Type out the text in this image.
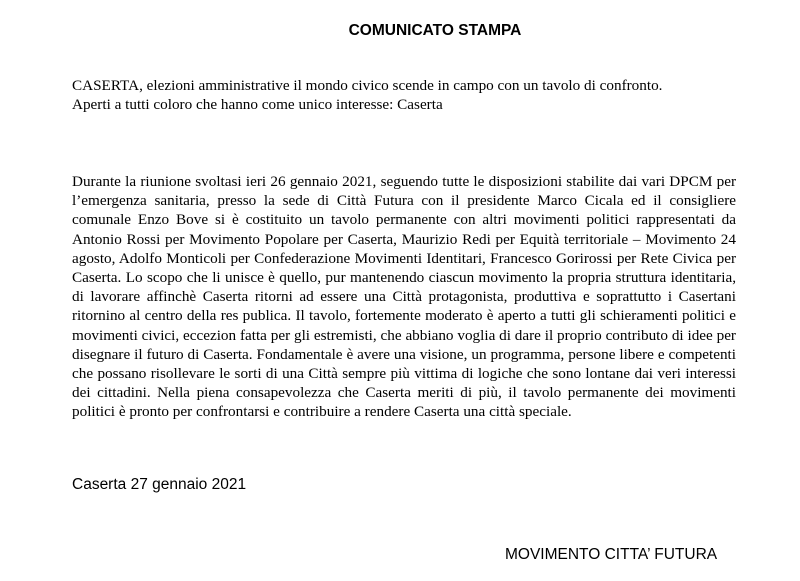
COMUNICATO STAMPA

CASERTA, elezioni amministrative il mondo civico scende in campo con un tavolo di confronto.

Aperti a tutti coloro che hanno come unico interesse: Caserta

Durante la riunione svoltasi ieri 26 gennaio 2021, seguendo tutte le disposizioni stabilite dai vari DPCM per l’emergenza sanitaria, presso la sede di Città Futura con il presidente Marco Cicala ed il consigliere comunale Enzo Bove si è costituito un tavolo permanente con altri movimenti politici rappresentati da Antonio Rossi per Movimento Popolare per Caserta, Maurizio Redi per Equità territoriale – Movimento 24 agosto, Adolfo Monticoli per Confederazione Movimenti Identitari, Francesco Gorirossi per Rete Civica per Caserta. Lo scopo che li unisce è quello, pur mantenendo ciascun movimento la propria struttura identitaria, di lavorare affinchè Caserta ritorni ad essere una Città protagonista, produttiva e soprattutto i Casertani ritornino al centro della res publica. Il tavolo, fortemente moderato è aperto a tutti gli schieramenti politici e movimenti civici, eccezion fatta per gli estremisti, che abbiano voglia di dare il proprio contributo di idee per disegnare il futuro di Caserta. Fondamentale è avere una visione, un programma, persone libere e competenti che possano risollevare le sorti di una Città sempre più vittima di logiche che sono lontane dai veri interessi dei cittadini. Nella piena consapevolezza che Caserta meriti di più, il tavolo permanente dei movimenti politici è pronto per confrontarsi e contribuire a rendere Caserta una città speciale.

Caserta 27 gennaio 2021
MOVIMENTO CITTA’ FUTURA
